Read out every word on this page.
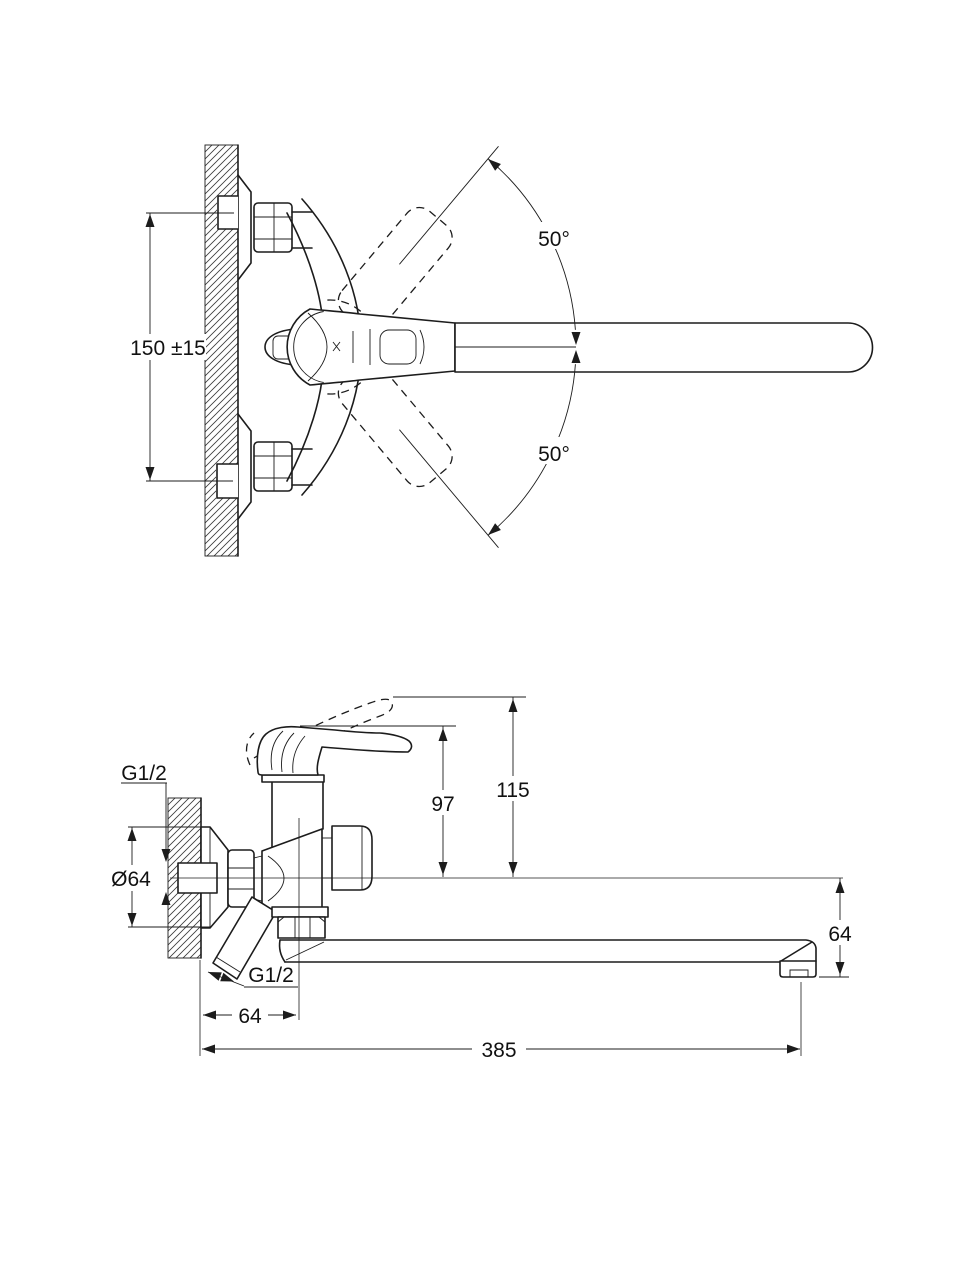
50°
50°
150 ±15
G1/2
Ø64
97
115
64
G1/2
64
385
